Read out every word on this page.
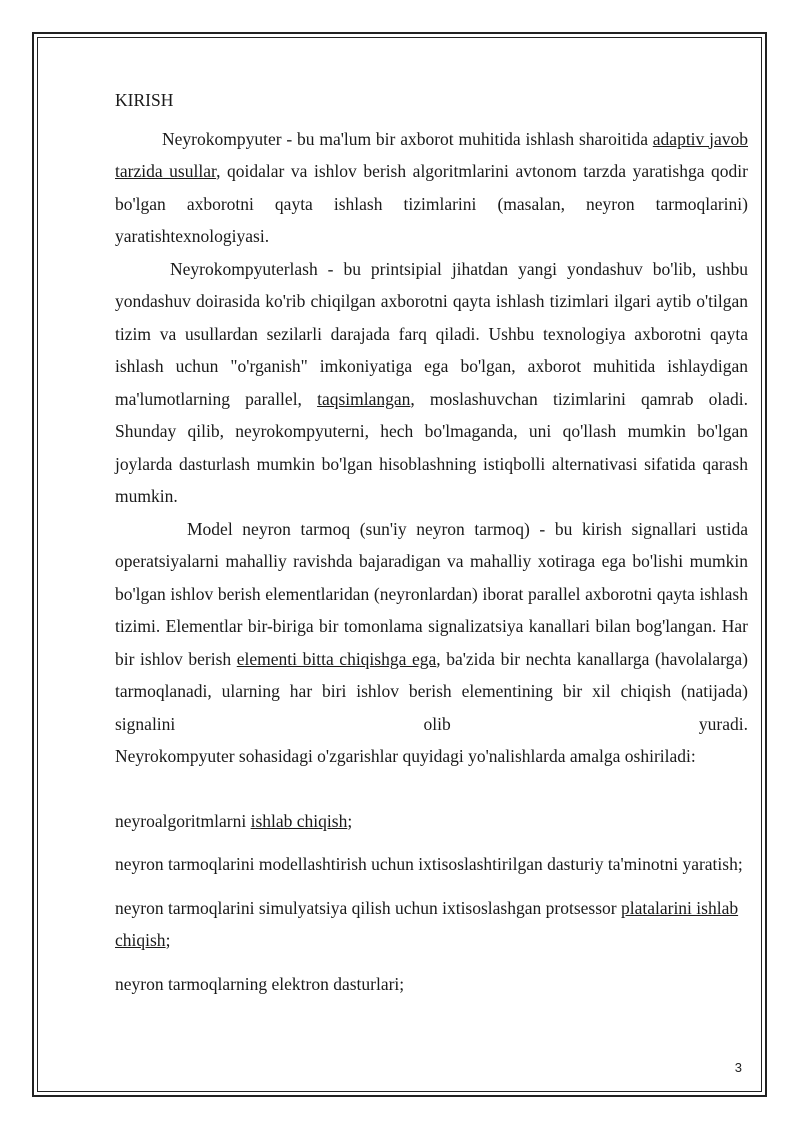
KIRISH

Neyrokompyuter - bu ma'lum bir axborot muhitida ishlash sharoitida adaptiv javob tarzida usullar, qoidalar va ishlov berish algoritmlarini avtonom tarzda yaratishga qodir bo'lgan axborotni qayta ishlash tizimlarini (masalan, neyron tarmoqlarini) yaratishtexnologiyasi.

Neyrokompyuterlash - bu printsipial jihatdan yangi yondashuv bo'lib, ushbu yondashuv doirasida ko'rib chiqilgan axborotni qayta ishlash tizimlari ilgari aytib o'tilgan tizim va usullardan sezilarli darajada farq qiladi. Ushbu texnologiya axborotni qayta ishlash uchun "o'rganish" imkoniyatiga ega bo'lgan, axborot muhitida ishlaydigan ma'lumotlarning parallel, taqsimlangan, moslashuvchan tizimlarini qamrab oladi. Shunday qilib, neyrokompyuterni, hech bo'lmaganda, uni qo'llash mumkin bo'lgan joylarda dasturlash mumkin bo'lgan hisoblashning istiqbolli alternativasi sifatida qarash mumkin.

Model neyron tarmoq (sun'iy neyron tarmoq) - bu kirish signallari ustida operatsiyalarni mahalliy ravishda bajaradigan va mahalliy xotiraga ega bo'lishi mumkin bo'lgan ishlov berish elementlaridan (neyronlardan) iborat parallel axborotni qayta ishlash tizimi. Elementlar bir-biriga bir tomonlama signalizatsiya kanallari bilan bog'langan. Har bir ishlov berish elementi bitta chiqishga ega, ba'zida bir nechta kanallarga (havolalarga) tarmoqlanadi, ularning har biri ishlov berish elementining bir xil chiqish (natijada) signalini olib yuradi.

Neyrokompyuter sohasidagi o'zgarishlar quyidagi yo'nalishlarda amalga oshiriladi:

neyroalgoritmlarni ishlab chiqish;

neyron tarmoqlarini modellashtirish uchun ixtisoslashtirilgan dasturiy ta'minotni yaratish;

neyron tarmoqlarini simulyatsiya qilish uchun ixtisoslashgan protsessor platalarini ishlab chiqish;

neyron tarmoqlarning elektron dasturlari;

3
